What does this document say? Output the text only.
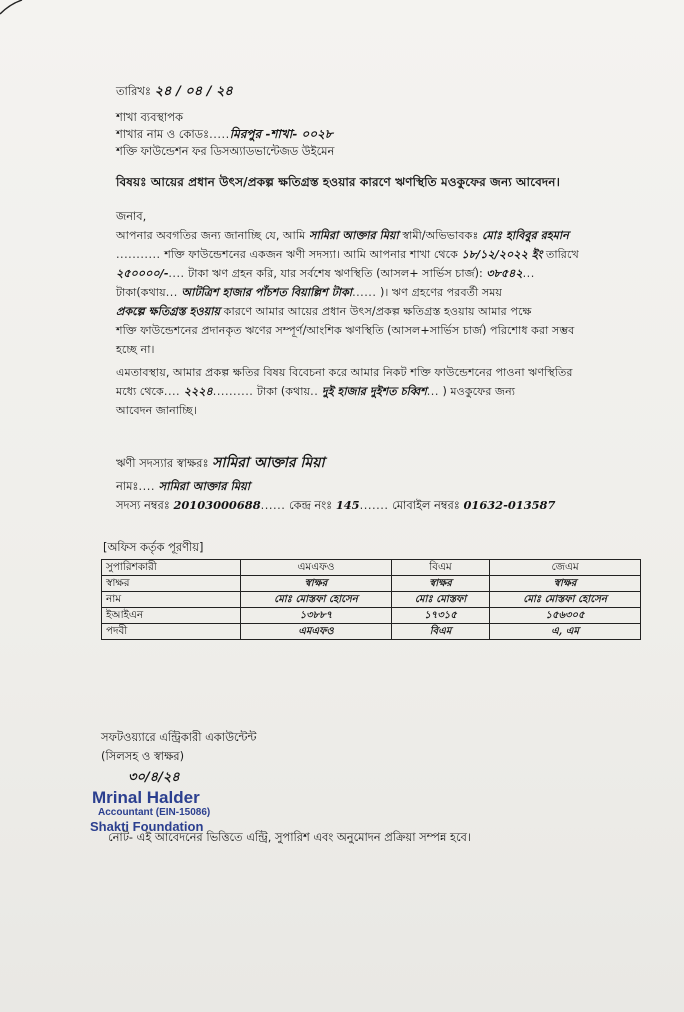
তারিখঃ ২৪ / ০৪ / ২৪
শাখা ব্যবস্থাপক
শাখার নাম ও কোডঃ.....মিরপুর -শাখা- ০০২৮
শক্তি ফাউন্ডেশন ফর ডিসঅ্যাডভান্টেজড উইমেন
বিষয়ঃ আয়ের প্রধান উৎস/প্রকল্প ক্ষতিগ্রস্ত হওয়ার কারণে ঋণস্থিতি মওকুফের জন্য আবেদন।
জনাব,
আপনার অবগতির জন্য জানাচ্ছি যে, আমি সামিরা আক্তার মিয়া স্বামী/অভিভাবকঃ মোঃ হাবিবুর রহমান
........... শক্তি ফাউন্ডেশনের একজন ঋণী সদস্যা। আমি আপনার শাখা থেকে ১৮/১২/২০২২ ইং তারিখে
২৫০০০০/-.... টাকা ঋণ গ্রহন করি, যার সর্বশেষ ঋণস্থিতি (আসল+ সার্ভিস চার্জ): ৩৮৫৪২...
টাকা(কথায়... আটত্রিশ হাজার পাঁচশত বিয়াল্লিশ টাকা...... )। ঋণ গ্রহণের পরবর্তী সময়
প্রকল্পে ক্ষতিগ্রস্ত হওয়ায় কারণে আমার আয়ের প্রধান উৎস/প্রকল্প ক্ষতিগ্রস্ত হওয়ায় আমার পক্ষে
শক্তি ফাউন্ডেশনের প্রদানকৃত ঋণের সম্পূর্ণ/আংশিক ঋণস্থিতি (আসল+সার্ভিস চার্জ) পরিশোধ করা সম্ভব
হচ্ছে না।
এমতাবস্থায়, আমার প্রকল্প ক্ষতির বিষয় বিবেচনা করে আমার নিকট শক্তি ফাউন্ডেশনের পাওনা ঋণস্থিতির
মধ্যে থেকে.... ২২২৪.......... টাকা (কথায়.. দুই হাজার দুইশত চব্বিশ... ) মওকুফের জন্য
আবেদন জানাচ্ছি।
ঋণী সদস্যার স্বাক্ষরঃ সামিরা আক্তার মিয়া
নামঃ.... সামিরা আক্তার মিয়া
সদস্য নম্বরঃ 20103000688...... কেন্দ্র নংঃ 145....... মোবাইল নম্বরঃ 01632-013587
[অফিস কর্তৃক পূরণীয়]
সুপারিশকারী	এমএফও	বিএম	জেএম
স্বাক্ষর	স্বাক্ষর	স্বাক্ষর	স্বাক্ষর
নাম	মোঃ মোস্তফা হোসেন	মোঃ মোস্তফা	মোঃ মোস্তফা হোসেন
ইআইএন	১৩৮৮৭	১৭৩১৫	১৫৬৩০৫
পদবী	এমএফও	বিএম	এ, এম
সফটওয়্যারে এন্ট্রিকারী একাউন্টেন্ট
(সিলসহ ও স্বাক্ষর)
৩০/৪/২৪
Mrinal Halder
Accountant (EIN-15086)
Shakti Foundation
নোট- এই আবেদনের ভিত্তিতে এন্ট্রি, সুপারিশ এবং অনুমোদন প্রক্রিয়া সম্পন্ন হবে।
